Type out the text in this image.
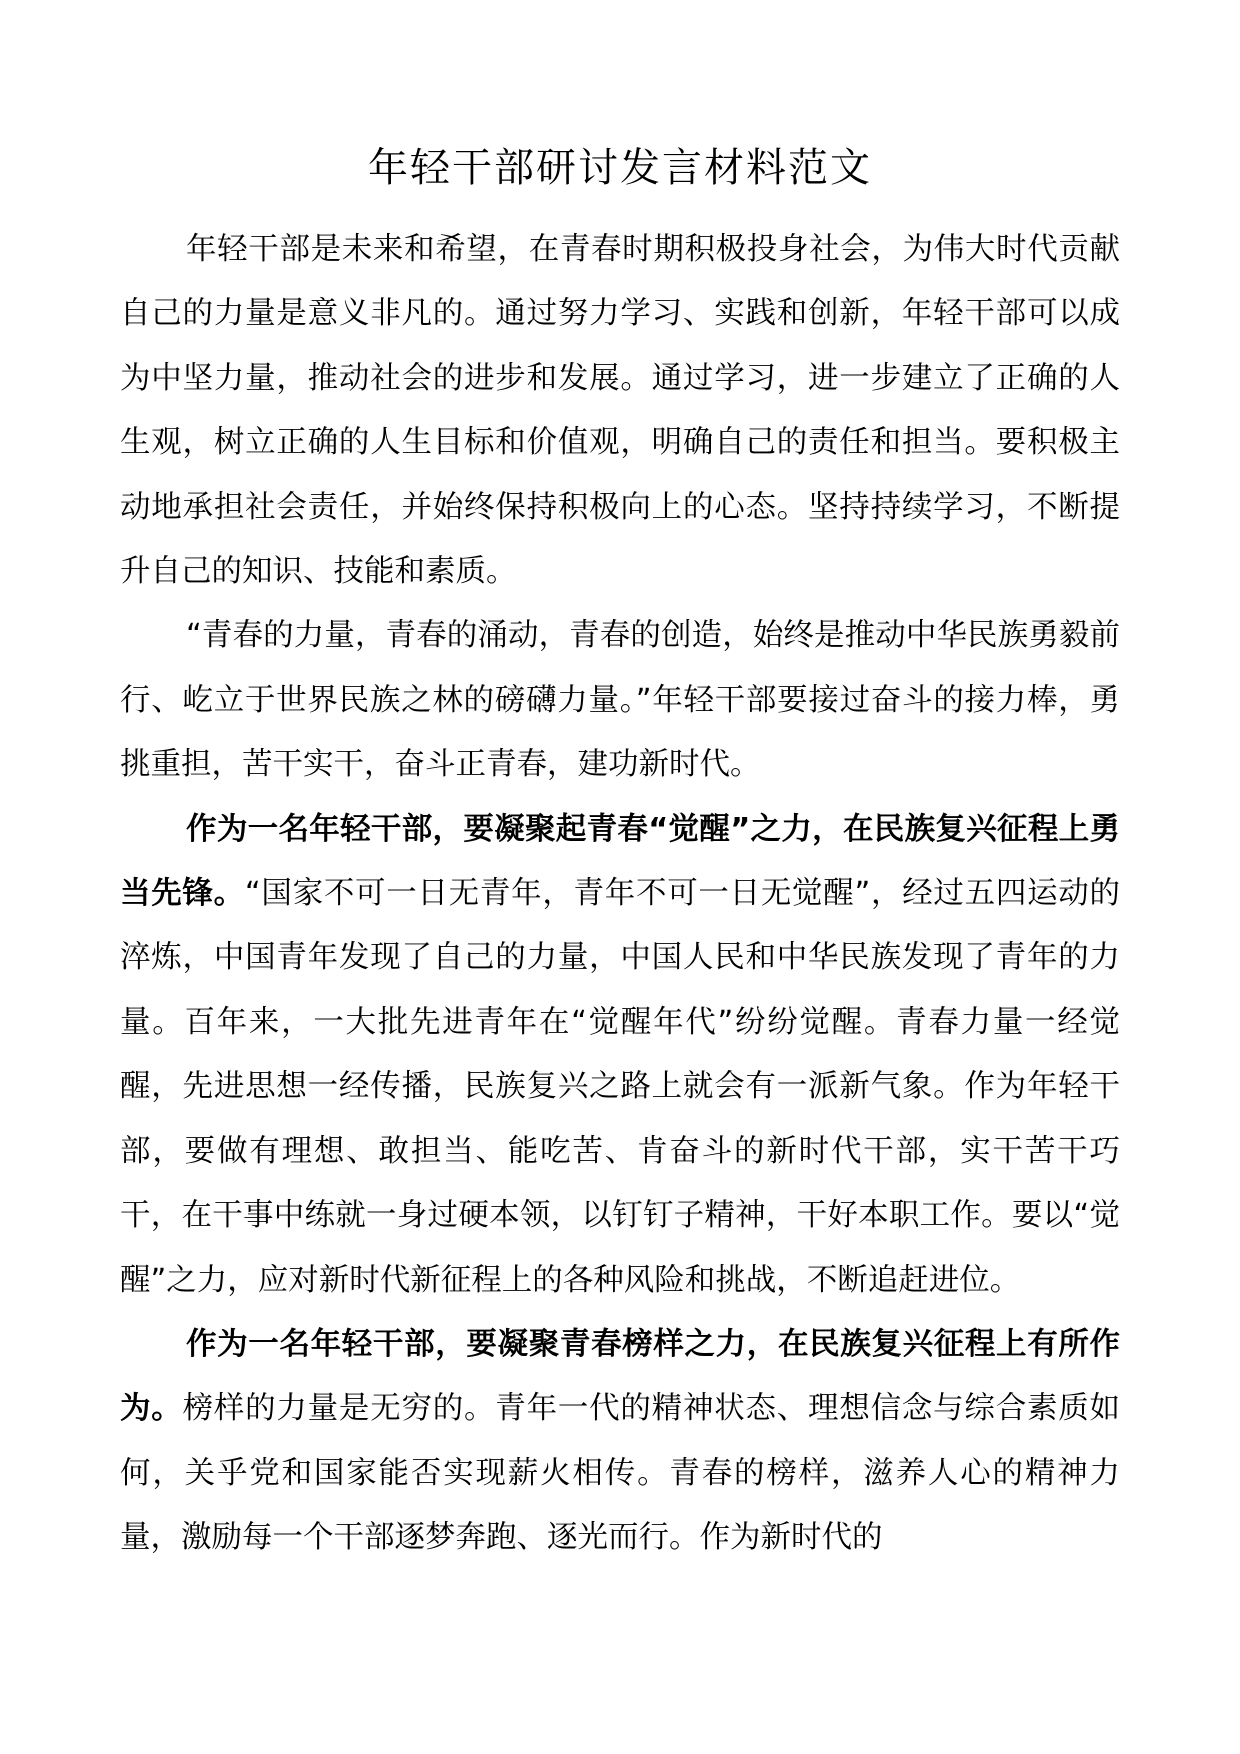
年轻干部研讨发言材料范文

年轻干部是未来和希望，在青春时期积极投身社会，为伟大时代贡献自己的力量是意义非凡的。通过努力学习、实践和创新，年轻干部可以成为中坚力量，推动社会的进步和发展。通过学习，进一步建立了正确的人生观，树立正确的人生目标和价值观，明确自己的责任和担当。要积极主动地承担社会责任，并始终保持积极向上的心态。坚持持续学习，不断提升自己的知识、技能和素质。

“青春的力量，青春的涌动，青春的创造，始终是推动中华民族勇毅前行、屹立于世界民族之林的磅礴力量。”年轻干部要接过奋斗的接力棒，勇挑重担，苦干实干，奋斗正青春，建功新时代。

作为一名年轻干部，要凝聚起青春“觉醒”之力，在民族复兴征程上勇当先锋。“国家不可一日无青年，青年不可一日无觉醒”，经过五四运动的淬炼，中国青年发现了自己的力量，中国人民和中华民族发现了青年的力量。百年来，一大批先进青年在“觉醒年代”纷纷觉醒。青春力量一经觉醒，先进思想一经传播，民族复兴之路上就会有一派新气象。作为年轻干部，要做有理想、敢担当、能吃苦、肯奋斗的新时代干部，实干苦干巧干，在干事中练就一身过硬本领，以钉钉子精神，干好本职工作。要以“觉醒”之力，应对新时代新征程上的各种风险和挑战，不断追赶进位。

作为一名年轻干部，要凝聚青春榜样之力，在民族复兴征程上有所作为。榜样的力量是无穷的。青年一代的精神状态、理想信念与综合素质如何，关乎党和国家能否实现薪火相传。青春的榜样，滋养人心的精神力量，激励每一个干部逐梦奔跑、逐光而行。作为新时代的
